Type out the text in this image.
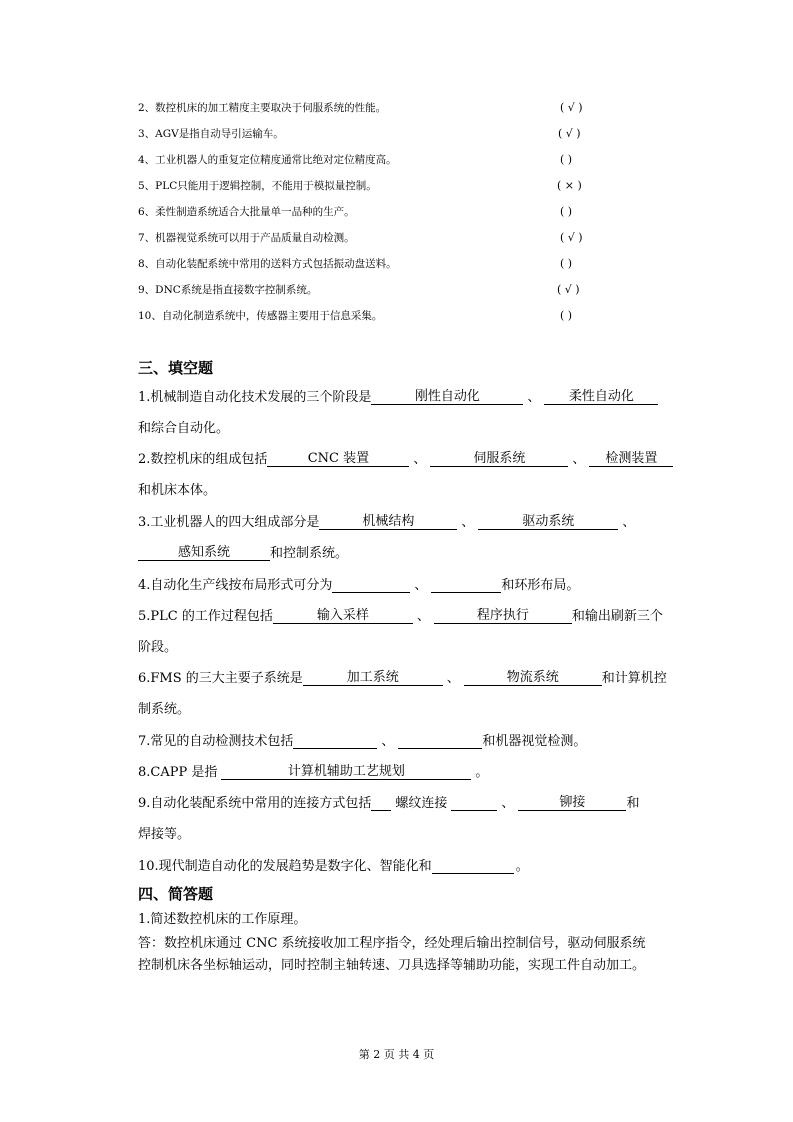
2、数控机床的加工精度主要取决于伺服系统的性能。	( √ )
3、AGV是指自动导引运输车。	( √ )
4、工业机器人的重复定位精度通常比绝对定位精度高。	( )
5、PLC只能用于逻辑控制，不能用于模拟量控制。	( × )
6、柔性制造系统适合大批量单一品种的生产。	( )
7、机器视觉系统可以用于产品质量自动检测。	( √ )
8、自动化装配系统中常用的送料方式包括振动盘送料。	( )
9、DNC系统是指直接数字控制系统。	( √ )
10、自动化制造系统中，传感器主要用于信息采集。	( )
三、填空题
1.机械制造自动化技术发展的三个阶段是	刚性自动化	、 柔性自动化
和综合自动化。
2.数控机床的组成包括	CNC 装置	、	伺服系统	、 检测装置
和机床本体。
3.工业机器人的四大组成部分是	机械结构	、	驱动系统	、
感知系统	和控制系统。
4.自动化生产线按布局形式可分为	、	和环形布局。
5.PLC 的工作过程包括	输入采样	、	程序执行	和输出刷新三个
阶段。
6.FMS 的三大主要子系统是	加工系统	、	物流系统	和计算机控
制系统。
7.常见的自动检测技术包括	、	和机器视觉检测。
8.CAPP 是指	计算机辅助工艺规划	。
9.自动化装配系统中常用的连接方式包括 螺纹连接	、	铆接	和
焊接等。
10.现代制造自动化的发展趋势是数字化、智能化和	。
四、简答题
1.简述数控机床的工作原理。
答：数控机床通过 CNC 系统接收加工程序指令，经处理后输出控制信号，驱动伺服系统
控制机床各坐标轴运动，同时控制主轴转速、刀具选择等辅助功能，实现工件自动加工。
第 2 页 共 4 页
